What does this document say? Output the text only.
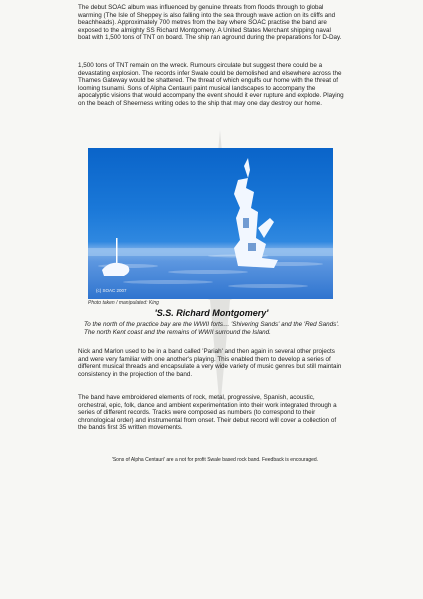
The debut SOAC album was influenced by genuine threats from floods through to global warming (The Isle of Sheppey is also falling into the sea through wave action on its cliffs and beachheads). Approximately 700 metres from the bay where SOAC practise the band are exposed to the almighty SS Richard Montgomery. A United States Merchant shipping naval boat with 1,500 tons of TNT on board. The ship ran aground during the preparations for D-Day.

1,500 tons of TNT remain on the wreck. Rumours circulate but suggest there could be a devastating explosion. The records infer Swale could be demolished and elsewhere across the Thames Gateway would be shattered. The threat of which engulfs our home with the threat of looming tsunami. Sons of Alpha Centauri paint musical landscapes to accompany the apocalyptic visions that would accompany the event should it ever rupture and explode. Playing on the beach of Sheerness writing odes to the ship that may one day destroy our home.

(c) SOAC 2007
Photo taken / manipulated: King
'S.S. Richard Montgomery'

To the north of the practice bay are the WWII forts… 'Shivering Sands' and the 'Red Sands'. The north Kent coast and the remains of WWII surround the Island.

Nick and Marlon used to be in a band called 'Pariah' and then again in several other projects and were very familiar with one another's playing. This enabled them to develop a series of different musical threads and encapsulate a very wide variety of music genres but still maintain consistency in the projection of the band.

The band have embroidered elements of rock, metal, progressive, Spanish, acoustic, orchestral, epic, folk, dance and ambient experimentation into their work integrated through a series of different records. Tracks were composed as numbers (to correspond to their chronological order) and instrumental from onset. Their debut record will cover a collection of the bands first 35 written movements.

'Sons of Alpha Centauri' are a not for profit Swale based rock band. Feedback is encouraged.
